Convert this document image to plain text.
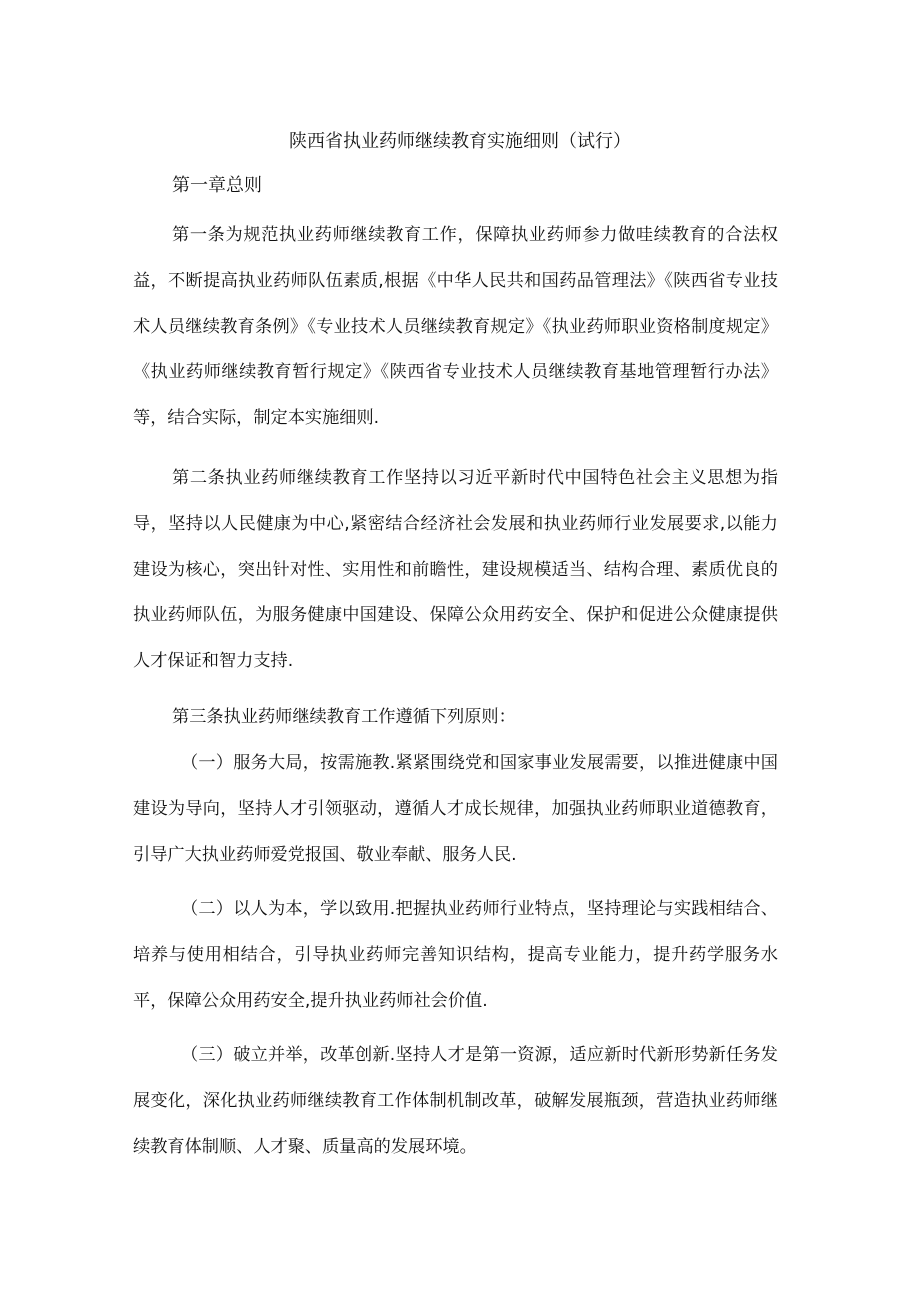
陕西省执业药师继续教育实施细则（试行）
第一章总则

第一条为规范执业药师继续教育工作，保障执业药师参力做哇续教育的合法权益，不断提高执业药师队伍素质,根据《中华人民共和国药品管理法》《陕西省专业技术人员继续教育条例》《专业技术人员继续教育规定》《执业药师职业资格制度规定》《执业药师继续教育暂行规定》《陕西省专业技术人员继续教育基地管理暂行办法》等，结合实际，制定本实施细则.

第二条执业药师继续教育工作坚持以习近平新时代中国特色社会主义思想为指导，坚持以人民健康为中心,紧密结合经济社会发展和执业药师行业发展要求,以能力建设为核心，突出针对性、实用性和前瞻性，建设规模适当、结构合理、素质优良的执业药师队伍，为服务健康中国建设、保障公众用药安全、保护和促进公众健康提供人才保证和智力支持.

第三条执业药师继续教育工作遵循下列原则：

（一）服务大局，按需施教.紧紧围绕党和国家事业发展需要，以推进健康中国建设为导向，坚持人才引领驱动，遵循人才成长规律，加强执业药师职业道德教育，引导广大执业药师爱党报国、敬业奉献、服务人民.

（二）以人为本，学以致用.把握执业药师行业特点，坚持理论与实践相结合、培养与使用相结合，引导执业药师完善知识结构，提高专业能力，提升药学服务水平，保障公众用药安全,提升执业药师社会价值.

（三）破立并举，改革创新.坚持人才是第一资源，适应新时代新形势新任务发展变化，深化执业药师继续教育工作体制机制改革，破解发展瓶颈，营造执业药师继续教育体制顺、人才聚、质量高的发展环境。
